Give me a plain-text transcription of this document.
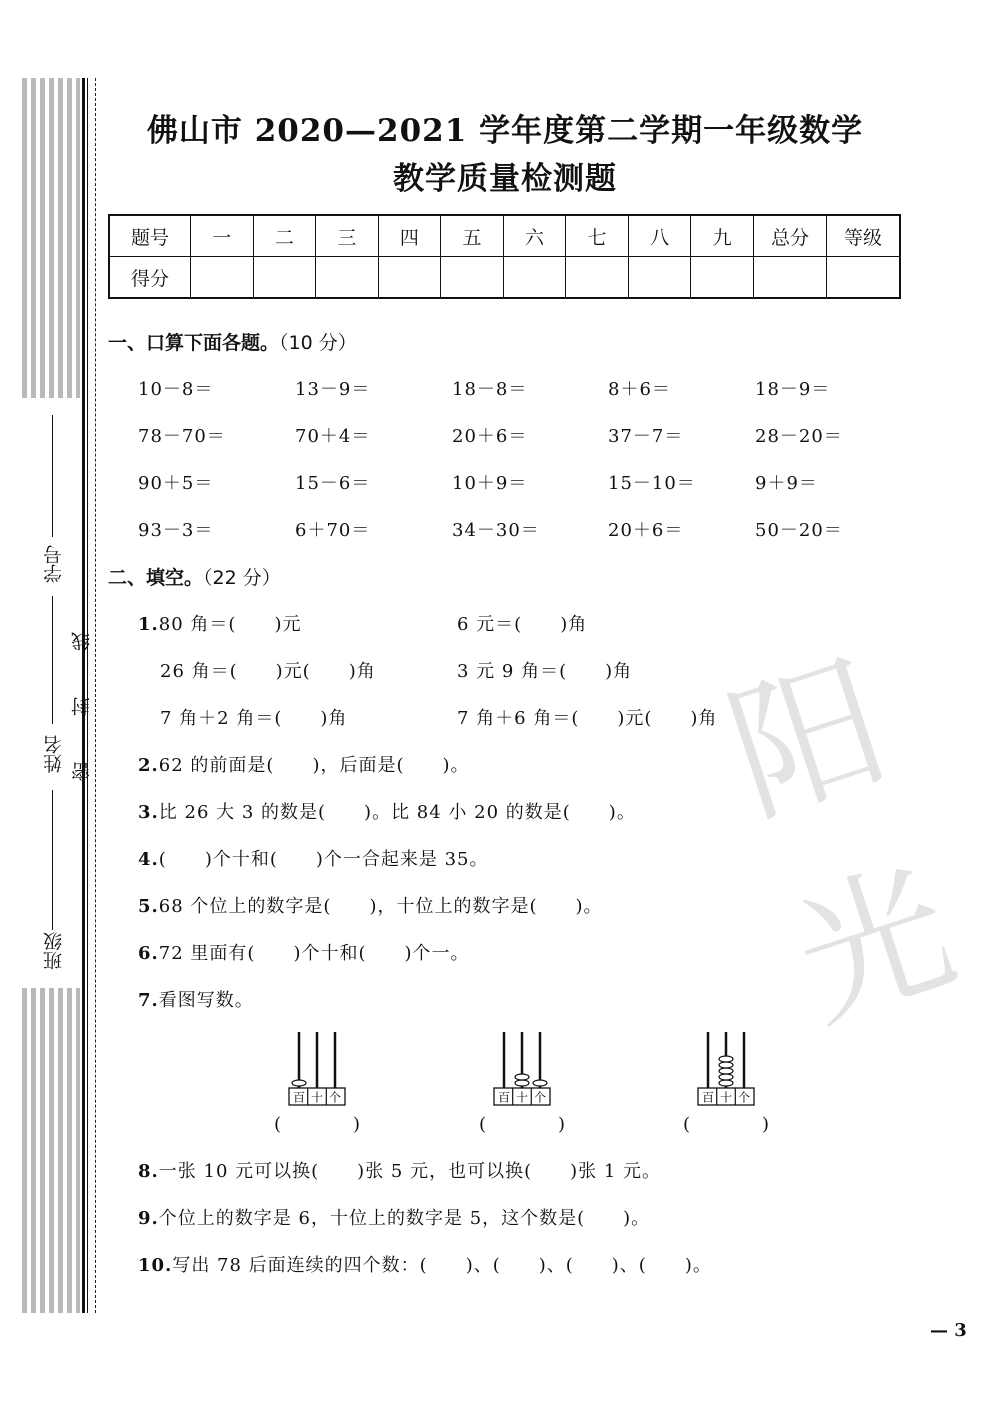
学号
姓名
班级
线
封
密	阳光
佛山市 2020—2021 学年度第二学期一年级数学
教学质量检测题
题号	一	二	三	四	五	六	七	八	九	总分	等级
得分											
一、口算下面各题。（10 分）
10－8＝	13－9＝	18－8＝	8＋6＝	18－9＝
78－70＝	70＋4＝	20＋6＝	37－7＝	28－20＝
90＋5＝	15－6＝	10＋9＝	15－10＝	9＋9＝
93－3＝	6＋70＝	34－30＝	20＋6＝	50－20＝
二、填空。（22 分）
1.80 角＝(　　)元	6 元＝(　　)角
26 角＝(　　)元(　　)角	3 元 9 角＝(　　)角
7 角＋2 角＝(　　)角	7 角＋6 角＝(　　)元(　　)角
2.62 的前面是(　　)，后面是(　　)。
3.比 26 大 3 的数是(　　)。比 84 小 20 的数是(　　)。
4.(　　)个十和(　　)个一合起来是 35。
5.68 个位上的数字是(　　)，十位上的数字是(　　)。
6.72 里面有(　　)个十和(　　)个一。
7.看图写数。
百 十 个
(　　　　)
百 十 个
(　　　　)
百 十 个
(　　　　)
8.一张 10 元可以换(　　)张 5 元，也可以换(　　)张 1 元。
9.个位上的数字是 6，十位上的数字是 5，这个数是(　　)。
10.写出 78 后面连续的四个数：(　　)、(　　)、(　　)、(　　)。
— 3
